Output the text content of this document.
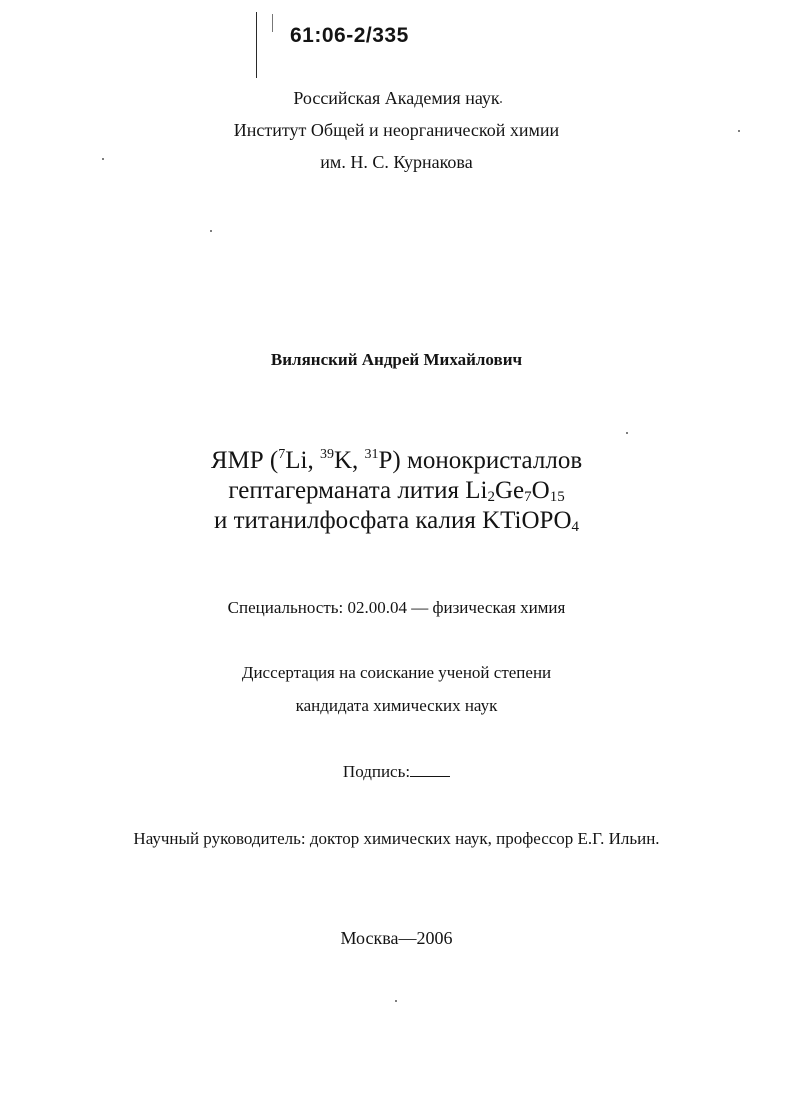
61:06-2/335
Российская Академия наук
Институт Общей и неорганической химии
им. Н. С. Курнакова
Вилянский Андрей Михайлович
ЯМР ($^7$Li, $^{39}$K, $^{31}$P) монокристаллов
гептагерманата лития $Li_2Ge_7O_{15}$
и титанилфосфата калия KTiOPO$_4$
Специальность: 02.00.04 — физическая химия
Диссертация на соискание ученой степени
кандидата химических наук
Подпись:
Научный руководитель: доктор химических наук, профессор Е.Г. Ильин.
Москва—2006
